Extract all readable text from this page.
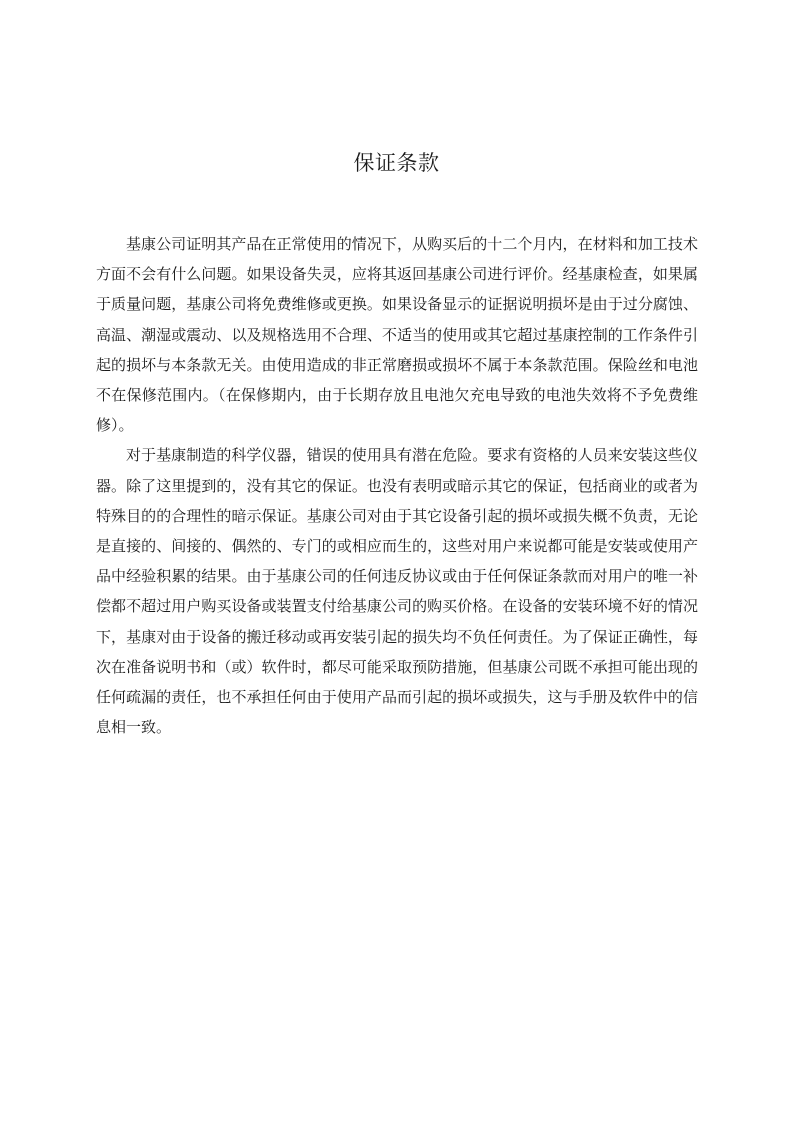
保证条款

基康公司证明其产品在正常使用的情况下，从购买后的十二个月内，在材料和加工技术方面不会有什么问题。如果设备失灵，应将其返回基康公司进行评价。经基康检查，如果属于质量问题，基康公司将免费维修或更换。如果设备显示的证据说明损坏是由于过分腐蚀、高温、潮湿或震动、以及规格选用不合理、不适当的使用或其它超过基康控制的工作条件引起的损坏与本条款无关。由使用造成的非正常磨损或损坏不属于本条款范围。保险丝和电池不在保修范围内。（在保修期内，由于长期存放且电池欠充电导致的电池失效将不予免费维修）。

对于基康制造的科学仪器，错误的使用具有潜在危险。要求有资格的人员来安装这些仪器。除了这里提到的，没有其它的保证。也没有表明或暗示其它的保证，包括商业的或者为特殊目的的合理性的暗示保证。基康公司对由于其它设备引起的损坏或损失概不负责，无论是直接的、间接的、偶然的、专门的或相应而生的，这些对用户来说都可能是安装或使用产品中经验积累的结果。由于基康公司的任何违反协议或由于任何保证条款而对用户的唯一补偿都不超过用户购买设备或装置支付给基康公司的购买价格。在设备的安装环境不好的情况下，基康对由于设备的搬迁移动或再安装引起的损失均不负任何责任。为了保证正确性，每次在准备说明书和（或）软件时，都尽可能采取预防措施，但基康公司既不承担可能出现的任何疏漏的责任，也不承担任何由于使用产品而引起的损坏或损失，这与手册及软件中的信息相一致。
